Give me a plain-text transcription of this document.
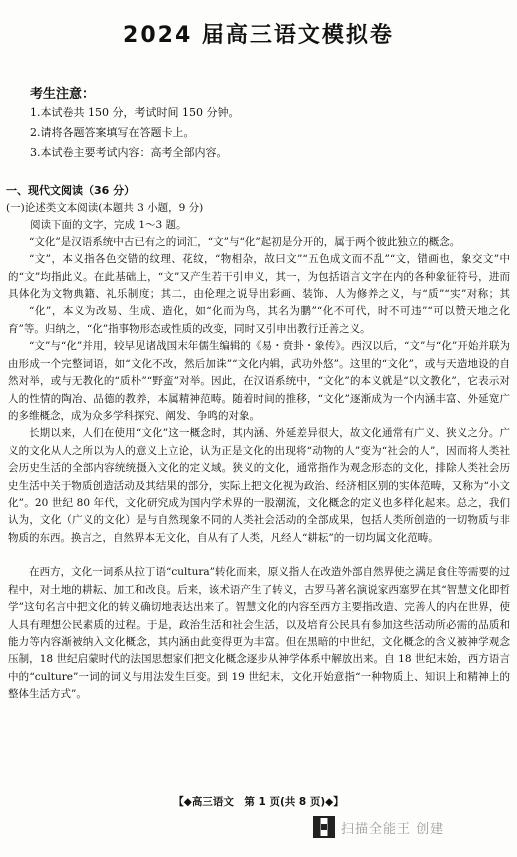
2024 届高三语文模拟卷
考生注意：
1.本试卷共 150 分，考试时间 150 分钟。
2.请将各题答案填写在答题卡上。
3.本试卷主要考试内容：高考全部内容。
一、现代文阅读（36 分）
(一)论述类文本阅读(本题共 3 小题，9 分)
阅读下面的文字，完成 1～3 题。

“文化”是汉语系统中古已有之的词汇，“文”与“化”起初是分开的，属于两个彼此独立的概念。

“文”，本义指各色交错的纹理、花纹，“物相杂，故曰文”“五色成文而不乱”“文，错画也，象交文”中的“文”均指此义。在此基础上，“文”又产生若干引申义，其一，为包括语言文字在内的各种象征符号，进而具体化为文物典籍、礼乐制度；其二，由伦理之说导出彩画、装饰、人为修养之义，与“质”“实”对称；其

“化”，本义为改易、生成、造化，如“化而为鸟，其名为鹏”“化不可代，时不可违”“可以赞天地之化育”等。归纳之，“化”指事物形态或性质的改变，同时又引申出教行迁善之义。

“文”与“化”并用，较早见诸战国末年儒生编辑的《易・贲卦・象传》。西汉以后，“文”与“化”开始并联为由形成一个完整词语，如“文化不改，然后加诛”“文化内辑，武功外悠”。这里的“文化”，或与天造地设的自然对举，或与无教化的“质朴”“野蛮”对举。因此，在汉语系统中，“文化”的本义就是“以文教化”，它表示对人的性情的陶冶、品德的教养，本属精神范畴。随着时间的推移，“文化”逐渐成为一个内涵丰富、外延宽广的多维概念，成为众多学科探究、阐发、争鸣的对象。

长期以来，人们在使用“文化”这一概念时，其内涵、外延差异很大，故文化通常有广义、狭义之分。广义的文化从人之所以为人的意义上立论，认为正是文化的出现将“动物的人”变为“社会的人”，因而将人类社会历史生活的全部内容统统摄入文化的定义域。狭义的文化，通常指作为观念形态的文化，排除人类社会历史生活中关于物质创造活动及其结果的部分，实际上把文化视为政治、经济相区别的实体范畴，又称为“小文化”。20 世纪 80 年代，文化研究成为国内学术界的一股潮流，文化概念的定义也多样化起来。总之，我们认为，文化（广义的文化）是与自然现象不同的人类社会活动的全部成果，包括人类所创造的一切物质与非物质的东西。换言之，自然界本无文化，自从有了人类，凡经人“耕耘”的一切均属文化范畴。

在西方，文化一词系从拉丁语“cultura”转化而来，原义指人在改造外部自然界使之满足食住等需要的过程中，对土地的耕耘、加工和改良。后来，该术语产生了转义，古罗马著名演说家西塞罗在其“智慧文化即哲学”这句名言中把文化的转义确切地表达出来了。智慧文化的内容至西方主要指改造、完善人的内在世界，使人具有理想公民素质的过程。于是，政治生活和社会生活，以及培育公民具有参加这些活动所必需的品质和能力等内容渐被纳入文化概念，其内涵由此变得更为丰富。但在黑暗的中世纪，文化概念的含义被神学观念压制，18 世纪启蒙时代的法国思想家们把文化概念逐步从神学体系中解放出来。自 18 世纪末始，西方语言中的“culture”一词的词义与用法发生巨变。到 19 世纪末，文化开始意指“一种物质上、知识上和精神上的整体生活方式”。

【◆高三语文　第 1 页(共 8 页)◆】
扫描全能王 创建
